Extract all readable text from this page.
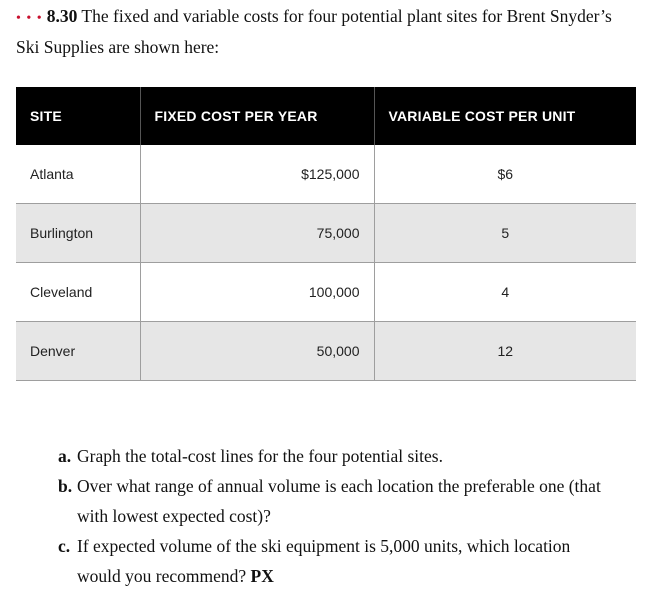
• • • 8.30 The fixed and variable costs for four potential plant sites for Brent Snyder’s Ski Supplies are shown here:
SITE	FIXED COST PER YEAR	VARIABLE COST PER UNIT
Atlanta	$125,000	$6
Burlington	75,000	5
Cleveland	100,000	4
Denver	50,000	12
a. Graph the total-cost lines for the four potential sites.
b. Over what range of annual volume is each location the preferable one (that with lowest expected cost)?
c. If expected volume of the ski equipment is 5,000 units, which location would you recommend? PX
